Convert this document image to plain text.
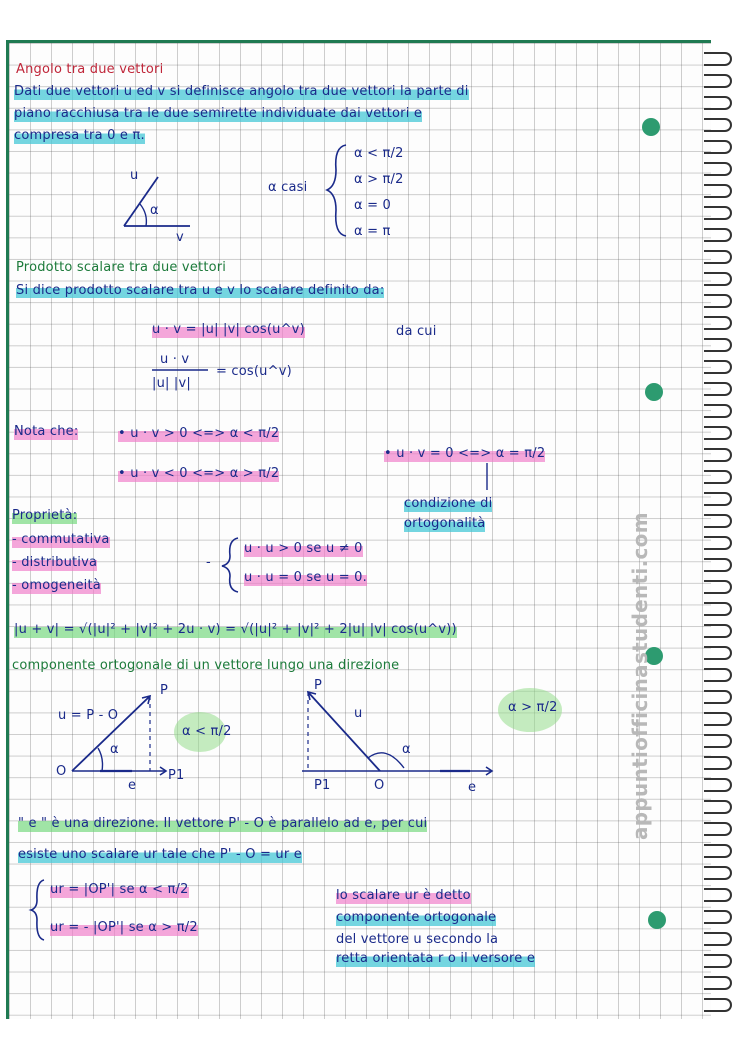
Angolo tra due vettori
Dati due vettori u ed v si definisce angolo tra due vettori la parte di
piano racchiusa tra le due semirette individuate dai vettori e
compresa tra 0 e π.
u
v
α
α casi
α < π/2
α > π/2
α = 0
α = π
Prodotto scalare tra due vettori
Si dice prodotto scalare tra u e v lo scalare definito da:
u · v = |u| |v| cos(u^v)	da cui
u · v
|u| |v|
= cos(u^v)
Nota che:	• u · v > 0 <=> α < π/2
• u · v < 0 <=> α > π/2
• u · v = 0 <=> α = π/2
condizione di
ortogonalità
Proprietà:
- commutativa
- distributiva
- omogeneità
-
u · u > 0 se u ≠ 0
u · u = 0 se u = 0.
|u + v| = √(|u|² + |v|² + 2u · v) = √(|u|² + |v|² + 2|u| |v| cos(u^v))
componente ortogonale di un vettore lungo una direzione
u = P - O
P
O	P1
e
α
α < π/2
P
u
P1	O	e
α
α > π/2
" e " è una direzione. Il vettore P' - O è parallelo ad e, per cui
esiste uno scalare ur tale che P' - O = ur e
ur = |OP'| se α < π/2
ur = - |OP'| se α > π/2
lo scalare ur è detto
componente ortogonale
del vettore u secondo la
retta orientata r o il versore e
appuntiofficinastudenti.com
